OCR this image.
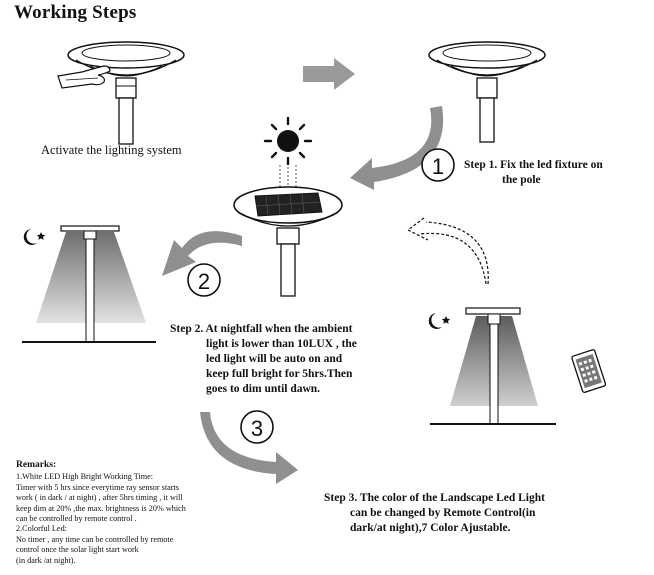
Working Steps
1
2
3
Activate the lighting system
Step 1. Fix the led fixture on
the pole
Step 2. At nightfall when the ambient
light is lower than 10LUX , the
led light will be auto on and
keep full bright for 5hrs.Then
goes to dim until dawn.
Step 3. The color of the Landscape Led Light
can be changed by Remote Control(in
dark/at night),7 Color Ajustable.
Remarks:
1.White LED High Bright Working Time:
Timer with 5 hrs since everytime ray sensor starts
work ( in dark / at night) , after 5hrs timing , it will
keep dim at 20% ,the max. brightness is 20% which
can be controlled by remote control .
2.Colorful Led:
No timer , any time can be controlled by remote
control once the solar light start work
(in dark /at night).
